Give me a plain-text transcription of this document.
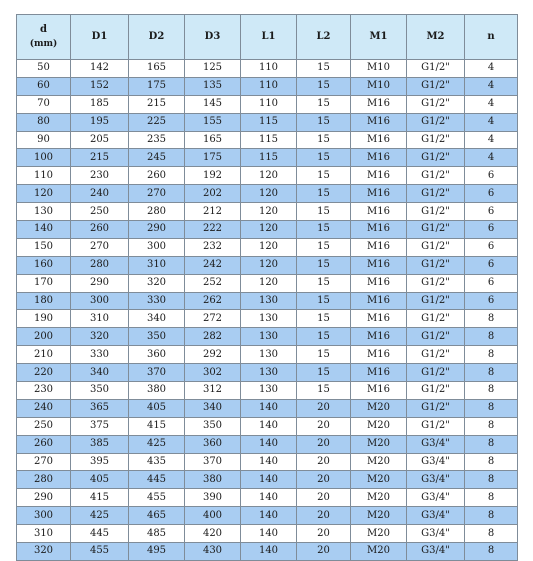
d
(mm)	D1	D2	D3	L1	L2	M1	M2	n
50	142	165	125	110	15	M10	G1/2"	4
60	152	175	135	110	15	M10	G1/2"	4
70	185	215	145	110	15	M16	G1/2"	4
80	195	225	155	115	15	M16	G1/2"	4
90	205	235	165	115	15	M16	G1/2"	4
100	215	245	175	115	15	M16	G1/2"	4
110	230	260	192	120	15	M16	G1/2"	6
120	240	270	202	120	15	M16	G1/2"	6
130	250	280	212	120	15	M16	G1/2"	6
140	260	290	222	120	15	M16	G1/2"	6
150	270	300	232	120	15	M16	G1/2"	6
160	280	310	242	120	15	M16	G1/2"	6
170	290	320	252	120	15	M16	G1/2"	6
180	300	330	262	130	15	M16	G1/2"	6
190	310	340	272	130	15	M16	G1/2"	8
200	320	350	282	130	15	M16	G1/2"	8
210	330	360	292	130	15	M16	G1/2"	8
220	340	370	302	130	15	M16	G1/2"	8
230	350	380	312	130	15	M16	G1/2"	8
240	365	405	340	140	20	M20	G1/2"	8
250	375	415	350	140	20	M20	G1/2"	8
260	385	425	360	140	20	M20	G3/4"	8
270	395	435	370	140	20	M20	G3/4"	8
280	405	445	380	140	20	M20	G3/4"	8
290	415	455	390	140	20	M20	G3/4"	8
300	425	465	400	140	20	M20	G3/4"	8
310	445	485	420	140	20	M20	G3/4"	8
320	455	495	430	140	20	M20	G3/4"	8
